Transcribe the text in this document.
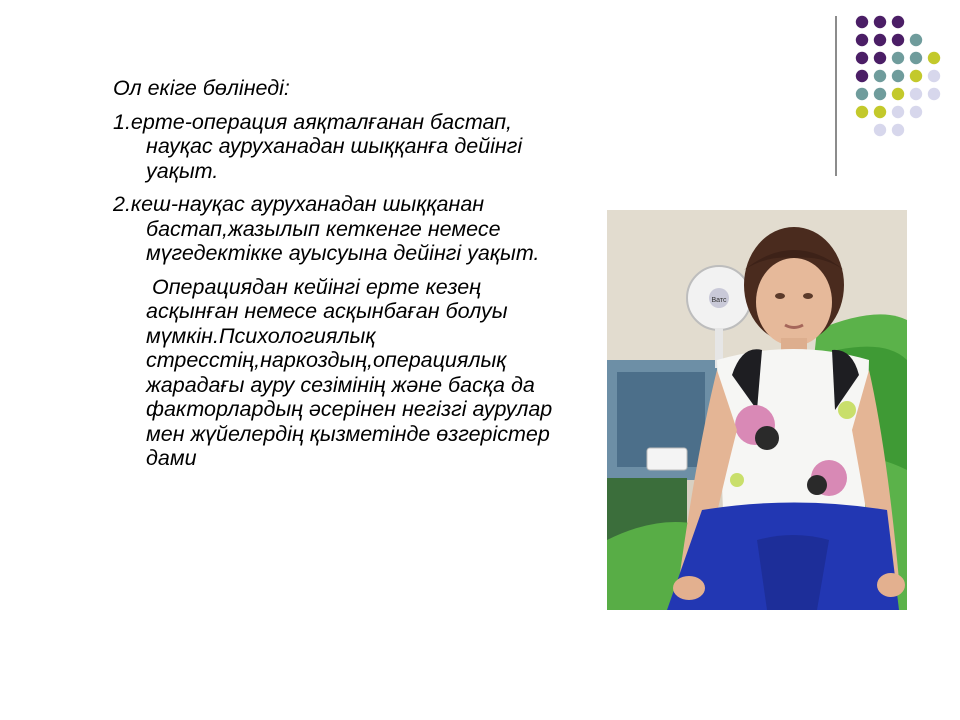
Ол екіге бөлінеді:

1.ерте-операция аяқталғанан бастап, науқас ауруханадан шыққанға дейінгі уақыт.

2.кеш-науқас ауруханадан шыққанан бастап,жазылып кеткенге немесе мүгедектікке ауысуына дейінгі уақыт.

Операциядан кейінгі ерте кезең асқынған немесе асқынбаған болуы мүмкін.Психологиялық стресстің,наркоздың,операциялық жарадағы ауру сезімінің және басқа да факторлардың әсерінен негізгі аурулар мен жүйелердің қызметінде өзгерістер дами

Ватс
